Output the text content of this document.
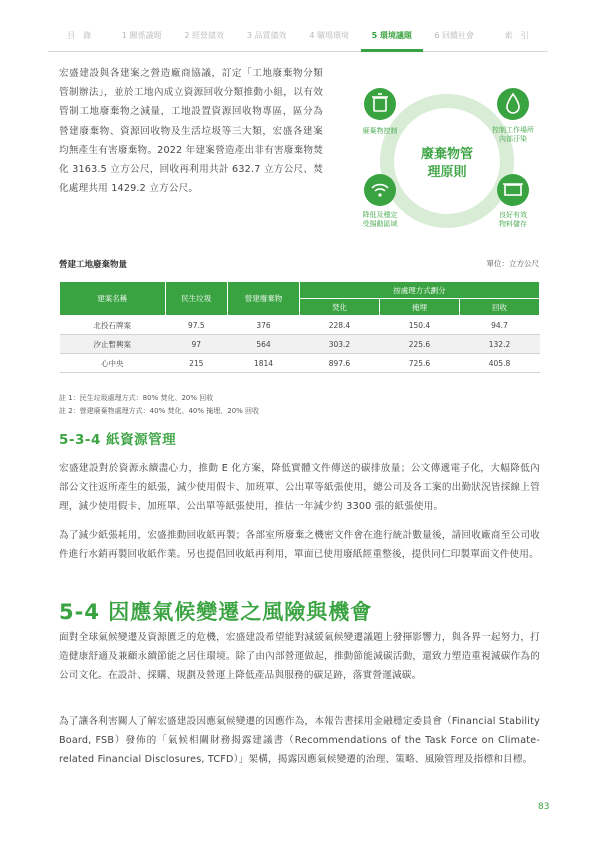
目　錄	1 關係議題	2 經營績效	3 品質績效	4 職場環境	5 環境議題	6 回饋社會	索　引

宏盛建設與各建案之營造廠商協議，訂定「工地廢棄物分類管制辦法」，並於工地內成立資源回收分類推動小組，以有效管制工地廢棄物之減量，工地設置資源回收物專區，區分為營建廢棄物、資源回收物及生活垃圾等三大類，宏盛各建案均無產生有害廢棄物。2022 年建案營造產出非有害廢棄物焚化 3163.5 立方公尺，回收再利用共計 632.7 立方公尺、焚化處理共用 1429.2 立方公尺。

廢棄物控制	控制工作場所
內部汙染
降低及穩定
受揚動區域
良好有效
物料儲存
廢棄物管
理原則
營建工地廢棄物量	單位：立方公尺
建案名稱	民生垃圾	營建廢棄物	按處理方式劃分		
			焚化	掩埋	回收
北投石牌案	97.5	376	228.4	150.4	94.7
汐止暫興案	97	564	303.2	225.6	132.2
心中央	215	1814	897.6	725.6	405.8
註 1：民生垃圾處理方式：80% 焚化、20% 回收
註 2：營建廢棄物處理方式：40% 焚化、40% 掩埋、20% 回收
5-3-4 紙資源管理

宏盛建設對於資源永續盡心力，推動 E 化方案，降低實體文件傳送的碳排放量；公文傳遞電子化，大幅降低內部公文往返所產生的紙張，減少使用假卡、加班單、公出單等紙張使用，總公司及各工案的出勤狀況皆採線上管理，減少使用假卡、加班單、公出單等紙張使用，推估一年減少約 3300 張的紙張使用。

為了減少紙張耗用，宏盛推動回收紙再製；各部室所廢棄之機密文件會在進行統計數量後，請回收廠商至公司收件進行水銷再製回收紙作業。另也提倡回收紙再利用，單面已使用廢紙經重整後，提供同仁印製單面文件使用。

5-4 因應氣候變遷之風險與機會

面對全球氣候變遷及資源匱乏的危機，宏盛建設希望能對減緩氣候變遷議題上發揮影響力，與各界一起努力，打造健康舒適及兼顧永續節能之居住環境。除了由內部營運做起，推動節能減碳活動，還致力塑造重視減碳作為的公司文化。在設計、採購、規劃及營運上降低產品與服務的碳足跡，落實營運減碳。

為了讓各利害關人了解宏盛建設因應氣候變遷的因應作為，本報告書採用金融穩定委員會（Financial Stability Board, FSB）發佈的「氣候相關財務揭露建議書（Recommendations of the Task Force on Climate-related Financial Disclosures, TCFD）」架構，揭露因應氣候變遷的治理、策略、風險管理及指標和目標。

83
